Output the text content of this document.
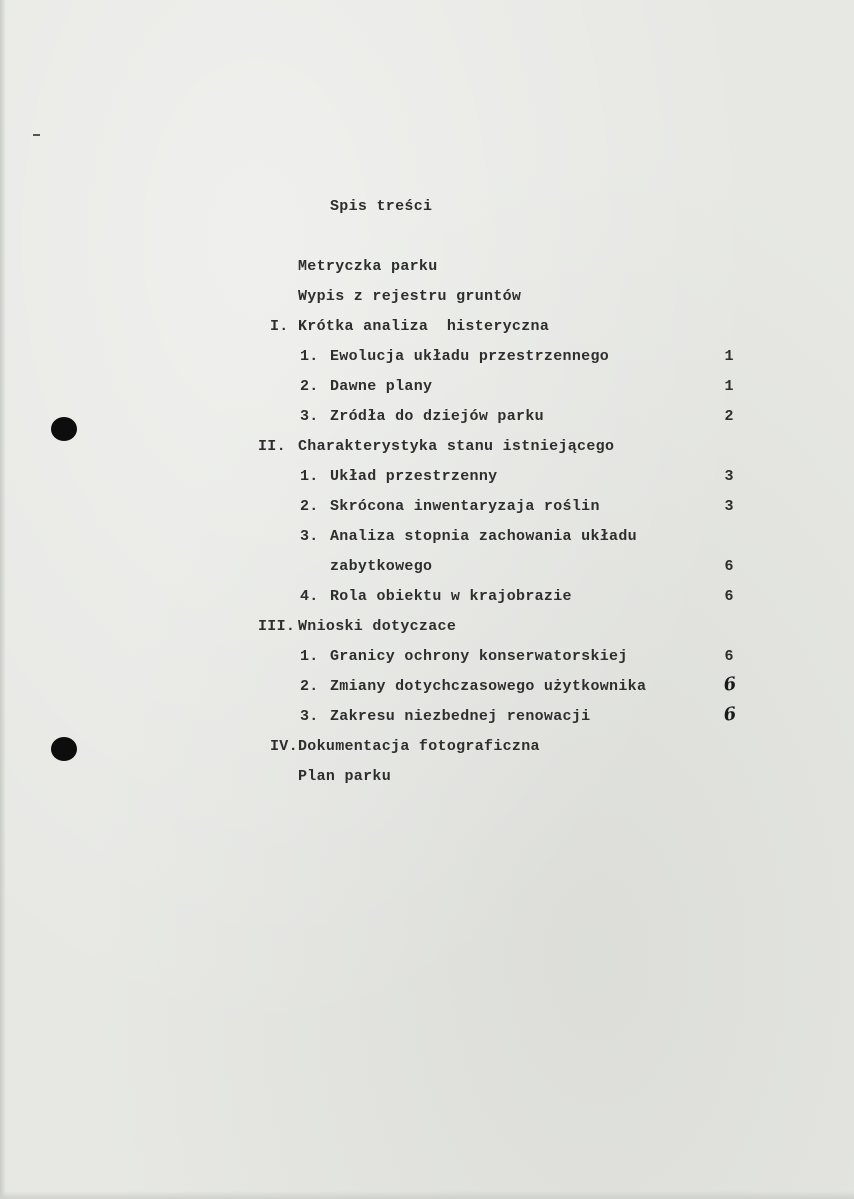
Spis treści
Metryczka parku
Wypis z rejestru gruntów
I. Krótka analiza  histeryczna
1. Ewolucja układu przestrzennego	1
2. Dawne plany	1
3. Zródła do dziejów parku	2
II. Charakterystyka stanu istniejącego
1. Układ przestrzenny	3
2. Skrócona inwentaryzaja roślin	3
3. Analiza stopnia zachowania układu
zabytkowego	6
4. Rola obiektu w krajobrazie	6
III. Wnioski dotyczace
1. Granicy ochrony konserwatorskiej	6
2. Zmiany dotychczasowego użytkownika	6
3. Zakresu niezbednej renowacji	6
IV. Dokumentacja fotograficzna
Plan parku
